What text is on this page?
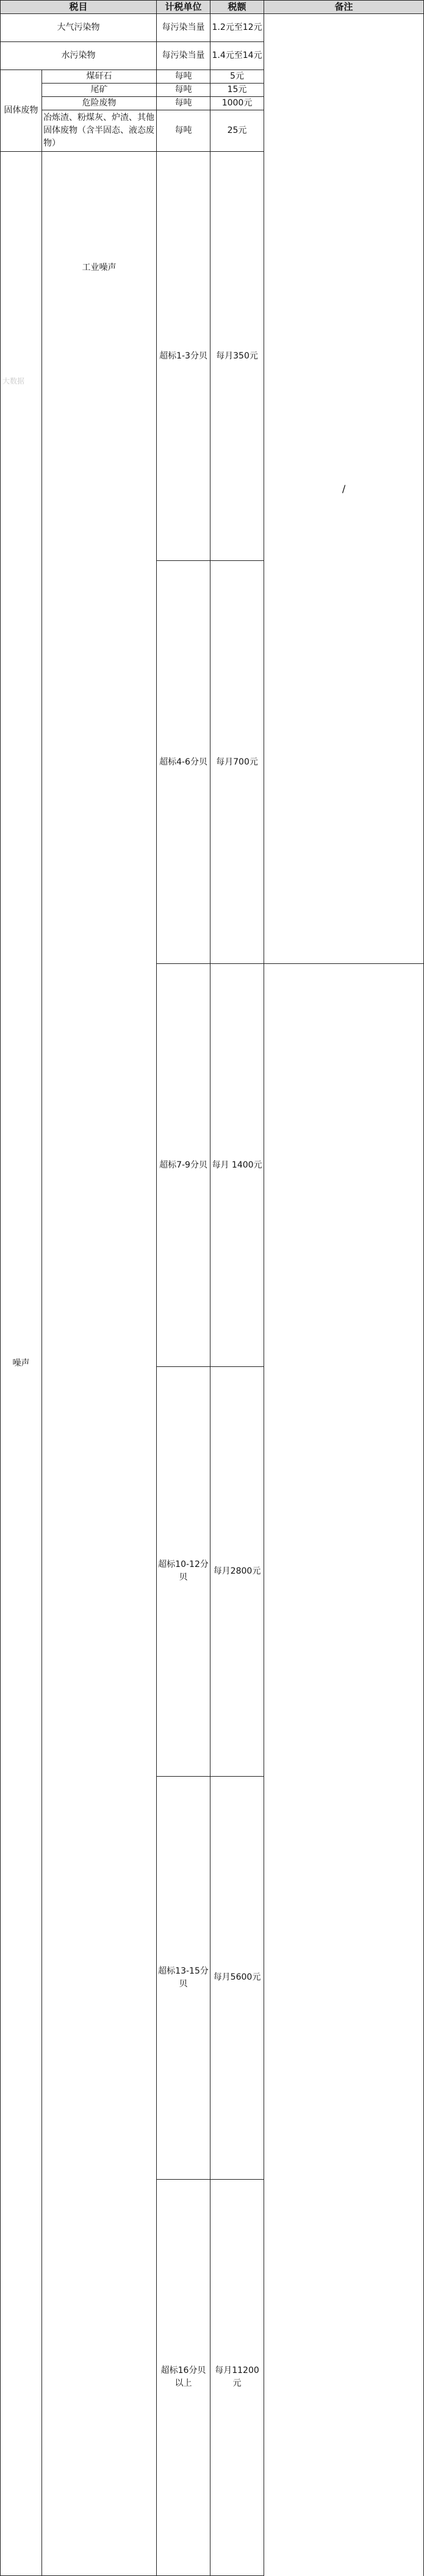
税目		计税单位	税额	备注	
大气污染物		每污染当量	1.2元至12元	/	
水污染物		每污染当量	1.4元至14元		
固体废物	煤矸石	每吨	5元		
	尾矿	每吨	15元		
	危险废物	每吨	1000元		
	冶炼渣、粉煤灰、炉渣、其他固体废物（含半固态、液态废物）	每吨	25元		
噪声	工业噪声	超标1-3分贝	每月350元	

		超标4-6分贝	每月700元		
		超标7-9分贝	每月 1400元		
		超标10-12分贝	每月2800元		
		超标13-15分贝	每月5600元		
		超标16分贝以上	每月11200元		
大数据
